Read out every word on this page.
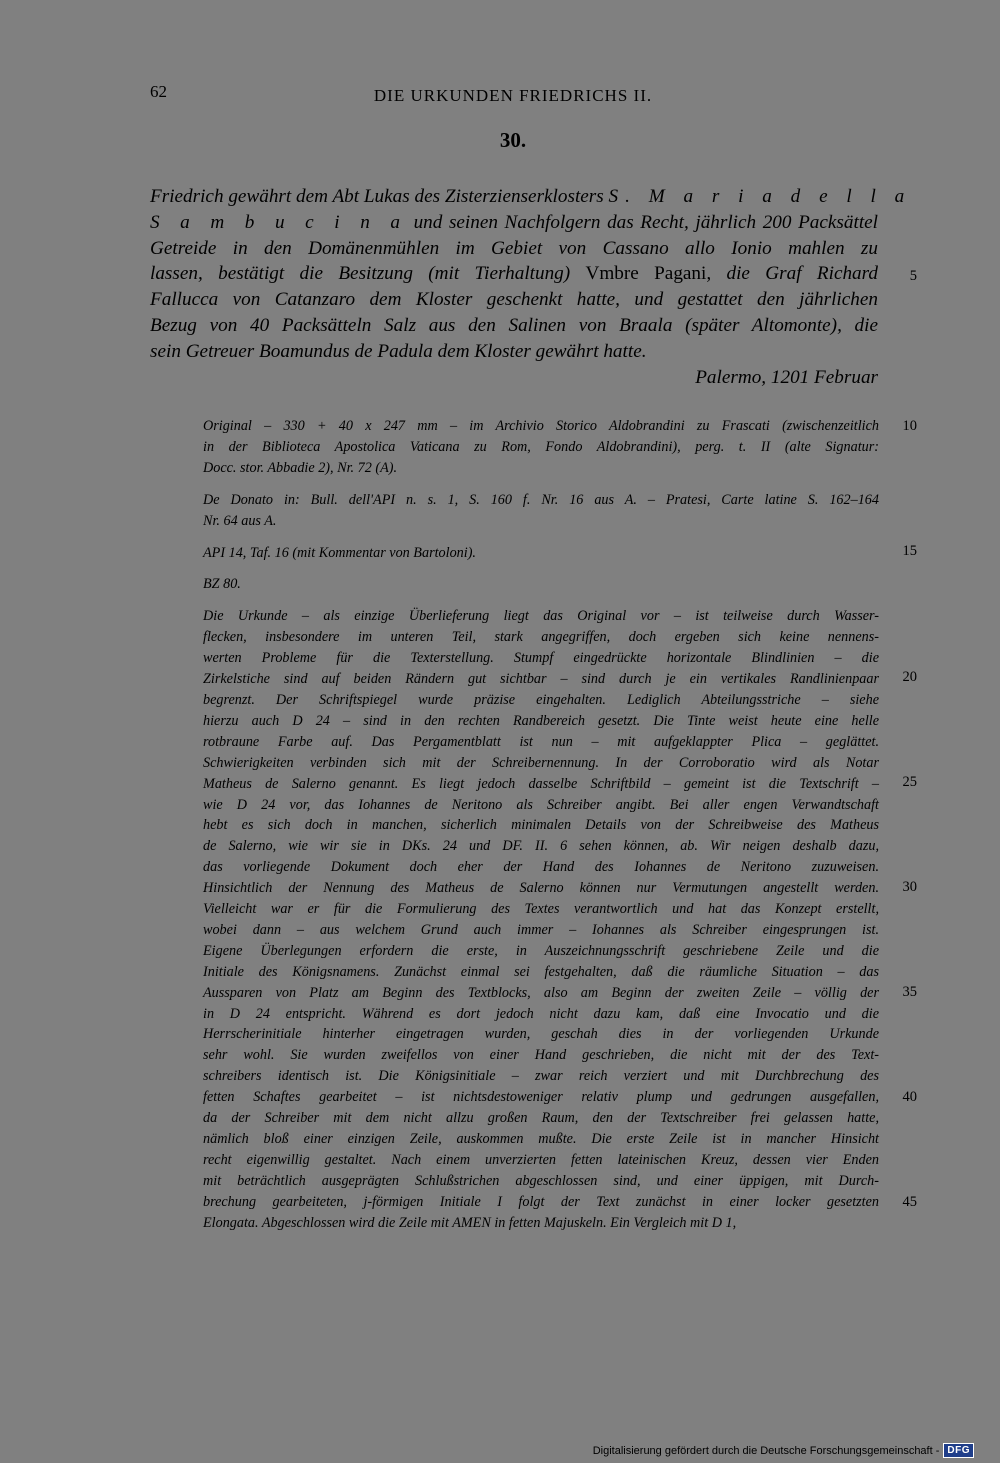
62	DIE URKUNDEN FRIEDRICHS II.
30.
Friedrich gewährt dem Abt Lukas des Zisterzienserklosters S. M a r i a d e l l a
S a m b u c i n a und seinen Nachfolgern das Recht, jährlich 200 Packsättel
Getreide in den Domänenmühlen im Gebiet von Cassano allo Ionio mahlen zu
lassen, bestätigt die Besitzung (mit Tierhaltung) Vmbre Pagani, die Graf Richard
Fallucca von Catanzaro dem Kloster geschenkt hatte, und gestattet den jährlichen
Bezug von 40 Packsätteln Salz aus den Salinen von Braala (später Altomonte), die
sein Getreuer Boamundus de Padula dem Kloster gewährt hatte.
Palermo, 1201 Februar
Original – 330 + 40 x 247 mm – im Archivio Storico Aldobrandini zu Frascati (zwischenzeitlich
in der Biblioteca Apostolica Vaticana zu Rom, Fondo Aldobrandini), perg. t. II (alte Signatur:
Docc. stor. Abbadie 2), Nr. 72 (A).
De Donato in: Bull. dell'API n. s. 1, S. 160 f. Nr. 16 aus A. – Pratesi, Carte latine S. 162–164
Nr. 64 aus A.
API 14, Taf. 16 (mit Kommentar von Bartoloni).
BZ 80.
Die Urkunde – als einzige Überlieferung liegt das Original vor – ist teilweise durch Wasser-
flecken, insbesondere im unteren Teil, stark angegriffen, doch ergeben sich keine nennens-
werten Probleme für die Texterstellung. Stumpf eingedrückte horizontale Blindlinien – die
Zirkelstiche sind auf beiden Rändern gut sichtbar – sind durch je ein vertikales Randlinienpaar
begrenzt. Der Schriftspiegel wurde präzise eingehalten. Lediglich Abteilungsstriche – siehe
hierzu auch D 24 – sind in den rechten Randbereich gesetzt. Die Tinte weist heute eine helle
rotbraune Farbe auf. Das Pergamentblatt ist nun – mit aufgeklappter Plica – geglättet.
Schwierigkeiten verbinden sich mit der Schreibernennung. In der Corroboratio wird als Notar
Matheus de Salerno genannt. Es liegt jedoch dasselbe Schriftbild – gemeint ist die Textschrift –
wie D 24 vor, das Iohannes de Neritono als Schreiber angibt. Bei aller engen Verwandtschaft
hebt es sich doch in manchen, sicherlich minimalen Details von der Schreibweise des Matheus
de Salerno, wie wir sie in DKs. 24 und DF. II. 6 sehen können, ab. Wir neigen deshalb dazu,
das vorliegende Dokument doch eher der Hand des Iohannes de Neritono zuzuweisen.
Hinsichtlich der Nennung des Matheus de Salerno können nur Vermutungen angestellt werden.
Vielleicht war er für die Formulierung des Textes verantwortlich und hat das Konzept erstellt,
wobei dann – aus welchem Grund auch immer – Iohannes als Schreiber eingesprungen ist.
Eigene Überlegungen erfordern die erste, in Auszeichnungsschrift geschriebene Zeile und die
Initiale des Königsnamens. Zunächst einmal sei festgehalten, daß die räumliche Situation – das
Aussparen von Platz am Beginn des Textblocks, also am Beginn der zweiten Zeile – völlig der
in D 24 entspricht. Während es dort jedoch nicht dazu kam, daß eine Invocatio und die
Herrscherinitiale hinterher eingetragen wurden, geschah dies in der vorliegenden Urkunde
sehr wohl. Sie wurden zweifellos von einer Hand geschrieben, die nicht mit der des Text-
schreibers identisch ist. Die Königsinitiale – zwar reich verziert und mit Durchbrechung des
fetten Schaftes gearbeitet – ist nichtsdestoweniger relativ plump und gedrungen ausgefallen,
da der Schreiber mit dem nicht allzu großen Raum, den der Textschreiber frei gelassen hatte,
nämlich bloß einer einzigen Zeile, auskommen mußte. Die erste Zeile ist in mancher Hinsicht
recht eigenwillig gestaltet. Nach einem unverzierten fetten lateinischen Kreuz, dessen vier Enden
mit beträchtlich ausgeprägten Schlußstrichen abgeschlossen sind, und einer üppigen, mit Durch-
brechung gearbeiteten, j-förmigen Initiale I folgt der Text zunächst in einer locker gesetzten
Elongata. Abgeschlossen wird die Zeile mit AMEN in fetten Majuskeln. Ein Vergleich mit D 1,
5
10
15
20
25
30
35
40
45
Digitalisierung gefördert durch die Deutsche Forschungsgemeinschaft - DFG
